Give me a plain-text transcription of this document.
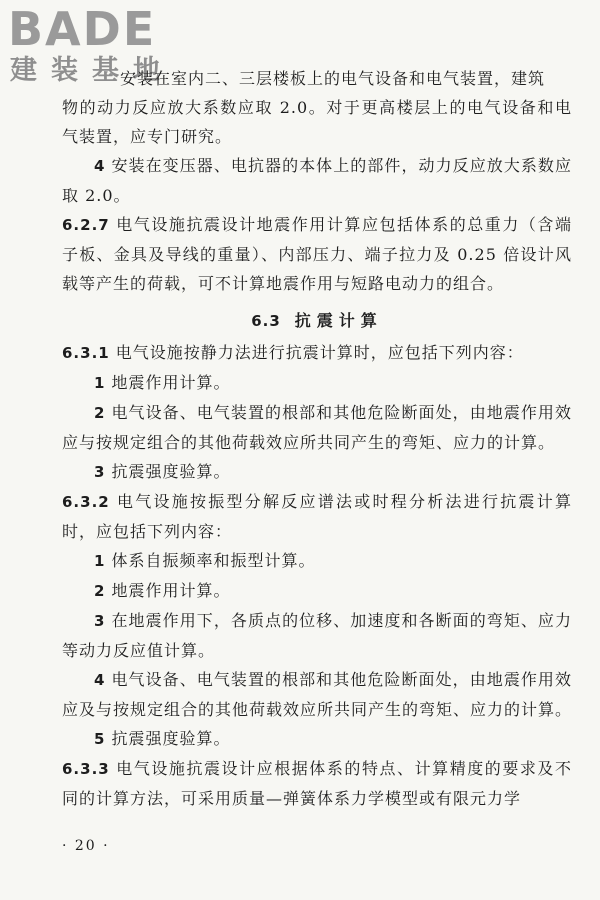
BADE
建装基地

安装在室内二、三层楼板上的电气设备和电气装置，建筑

物的动力反应放大系数应取 2.0。对于更高楼层上的电气设备和电气装置，应专门研究。

4 安装在变压器、电抗器的本体上的部件，动力反应放大系数应取 2.0。

6.2.7 电气设施抗震设计地震作用计算应包括体系的总重力（含端子板、金具及导线的重量）、内部压力、端子拉力及 0.25 倍设计风载等产生的荷载，可不计算地震作用与短路电动力的组合。

6.3 抗震计算

6.3.1 电气设施按静力法进行抗震计算时，应包括下列内容：

1 地震作用计算。

2 电气设备、电气装置的根部和其他危险断面处，由地震作用效应与按规定组合的其他荷载效应所共同产生的弯矩、应力的计算。

3 抗震强度验算。

6.3.2 电气设施按振型分解反应谱法或时程分析法进行抗震计算时，应包括下列内容：

1 体系自振频率和振型计算。

2 地震作用计算。

3 在地震作用下，各质点的位移、加速度和各断面的弯矩、应力等动力反应值计算。

4 电气设备、电气装置的根部和其他危险断面处，由地震作用效应及与按规定组合的其他荷载效应所共同产生的弯矩、应力的计算。

5 抗震强度验算。

6.3.3 电气设施抗震设计应根据体系的特点、计算精度的要求及不同的计算方法，可采用质量—弹簧体系力学模型或有限元力学

· 20 ·
